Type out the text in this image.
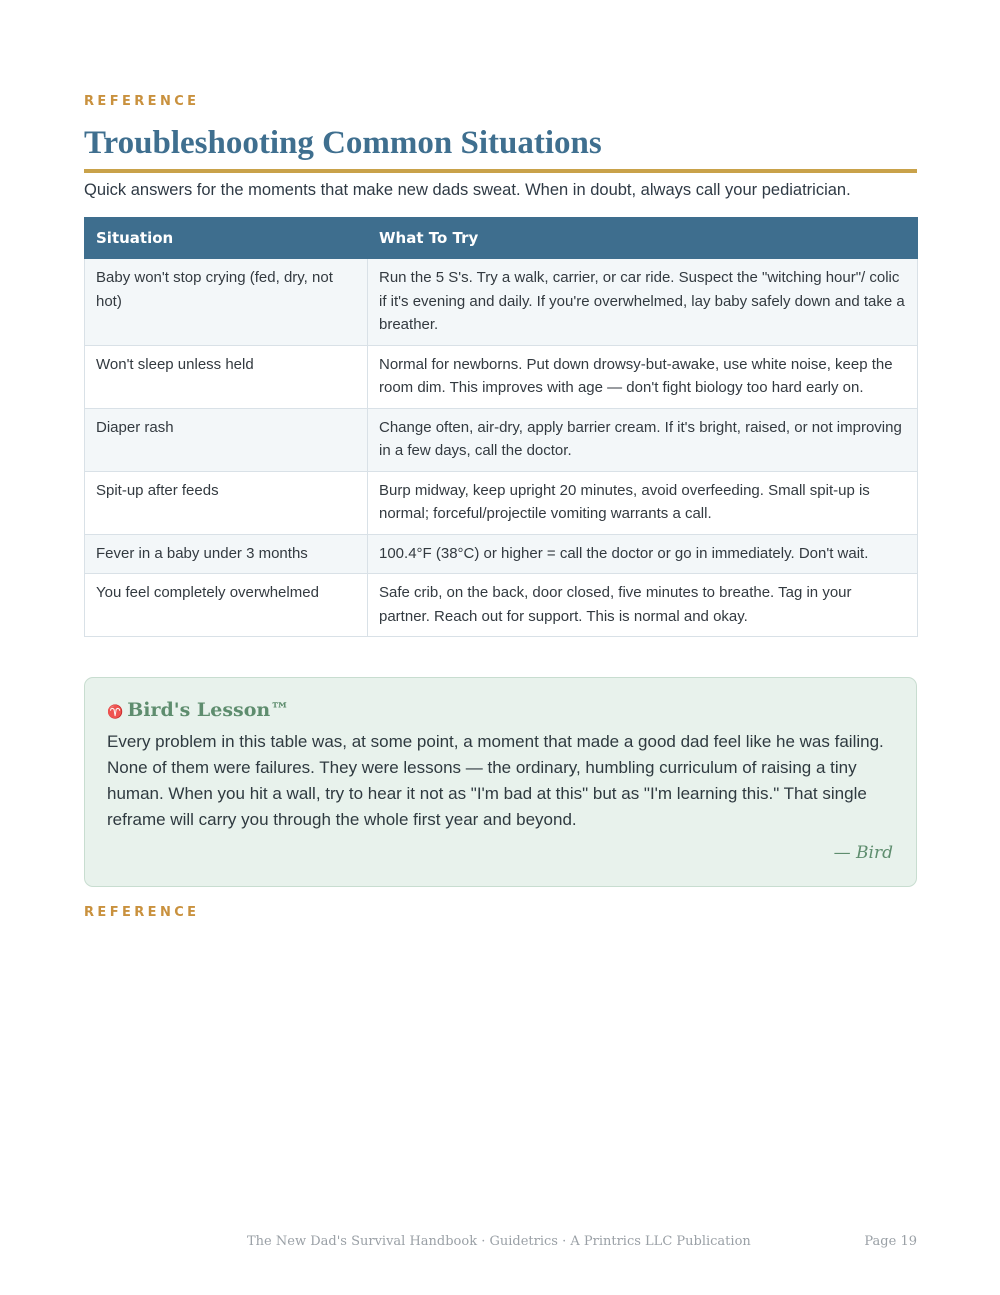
REFERENCE
Troubleshooting Common Situations
Quick answers for the moments that make new dads sweat. When in doubt, always call your pediatrician.
Situation	What To Try
Baby won't stop crying (fed, dry, not hot)	Run the 5 S's. Try a walk, carrier, or car ride. Suspect the "witching hour"/ colic if it's evening and daily. If you're overwhelmed, lay baby safely down and take a breather.
Won't sleep unless held	Normal for newborns. Put down drowsy-but-awake, use white noise, keep the room dim. This improves with age — don't fight biology too hard early on.
Diaper rash	Change often, air-dry, apply barrier cream. If it's bright, raised, or not improving in a few days, call the doctor.
Spit-up after feeds	Burp midway, keep upright 20 minutes, avoid overfeeding. Small spit-up is normal; forceful/projectile vomiting warrants a call.
Fever in a baby under 3 months	100.4°F (38°C) or higher = call the doctor or go in immediately. Don't wait.
You feel completely overwhelmed	Safe crib, on the back, door closed, five minutes to breathe. Tag in your partner. Reach out for support. This is normal and okay.
♈ Bird's Lesson™
Every problem in this table was, at some point, a moment that made a good dad feel like he was failing. None of them were failures. They were lessons — the ordinary, humbling curriculum of raising a tiny human. When you hit a wall, try to hear it not as "I'm bad at this" but as "I'm learning this." That single reframe will carry you through the whole first year and beyond.
— Bird
REFERENCE
The New Dad's Survival Handbook · Guidetrics · A Printrics LLC Publication	Page 19
